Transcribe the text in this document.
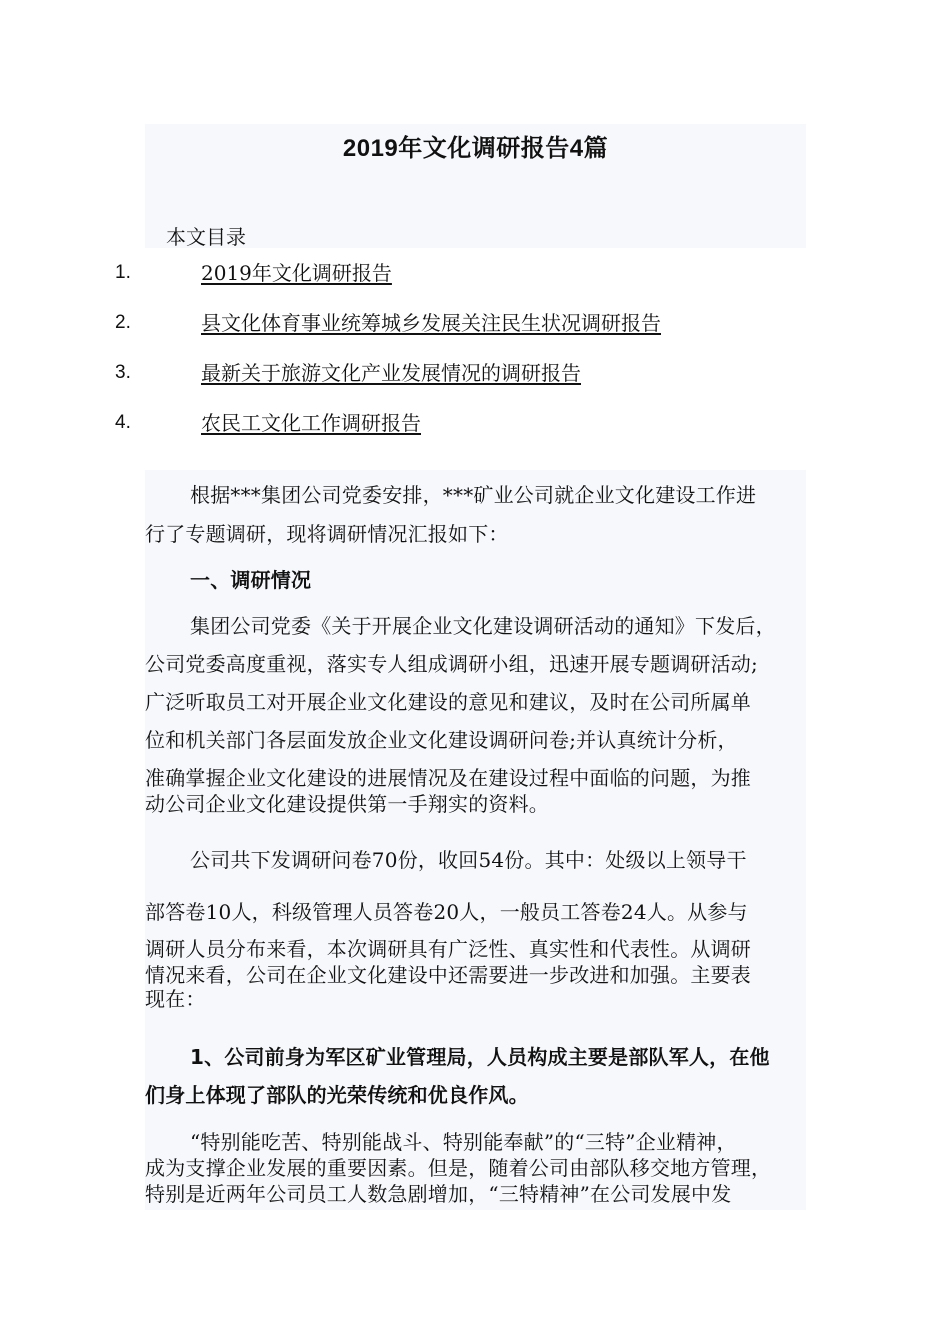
2019年文化调研报告4篇
本文目录
1.	2019年文化调研报告
2.	县文化体育事业统筹城乡发展关注民生状况调研报告
3.	最新关于旅游文化产业发展情况的调研报告
4.	农民工文化工作调研报告
根据***集团公司党委安排，***矿业公司就企业文化建设工作进
行了专题调研，现将调研情况汇报如下：
一、调研情况
集团公司党委《关于开展企业文化建设调研活动的通知》下发后，
公司党委高度重视，落实专人组成调研小组，迅速开展专题调研活动;
广泛听取员工对开展企业文化建设的意见和建议，及时在公司所属单
位和机关部门各层面发放企业文化建设调研问卷;并认真统计分析，
准确掌握企业文化建设的进展情况及在建设过程中面临的问题，为推
动公司企业文化建设提供第一手翔实的资料。
公司共下发调研问卷70份，收回54份。其中：处级以上领导干
部答卷10人，科级管理人员答卷20人，一般员工答卷24人。从参与
调研人员分布来看，本次调研具有广泛性、真实性和代表性。从调研
情况来看，公司在企业文化建设中还需要进一步改进和加强。主要表
现在：
1、公司前身为军区矿业管理局，人员构成主要是部队军人，在他
们身上体现了部队的光荣传统和优良作风。
“特别能吃苦、特别能战斗、特别能奉献”的“三特”企业精神，
成为支撑企业发展的重要因素。但是，随着公司由部队移交地方管理，
特别是近两年公司员工人数急剧增加，“三特精神”在公司发展中发
